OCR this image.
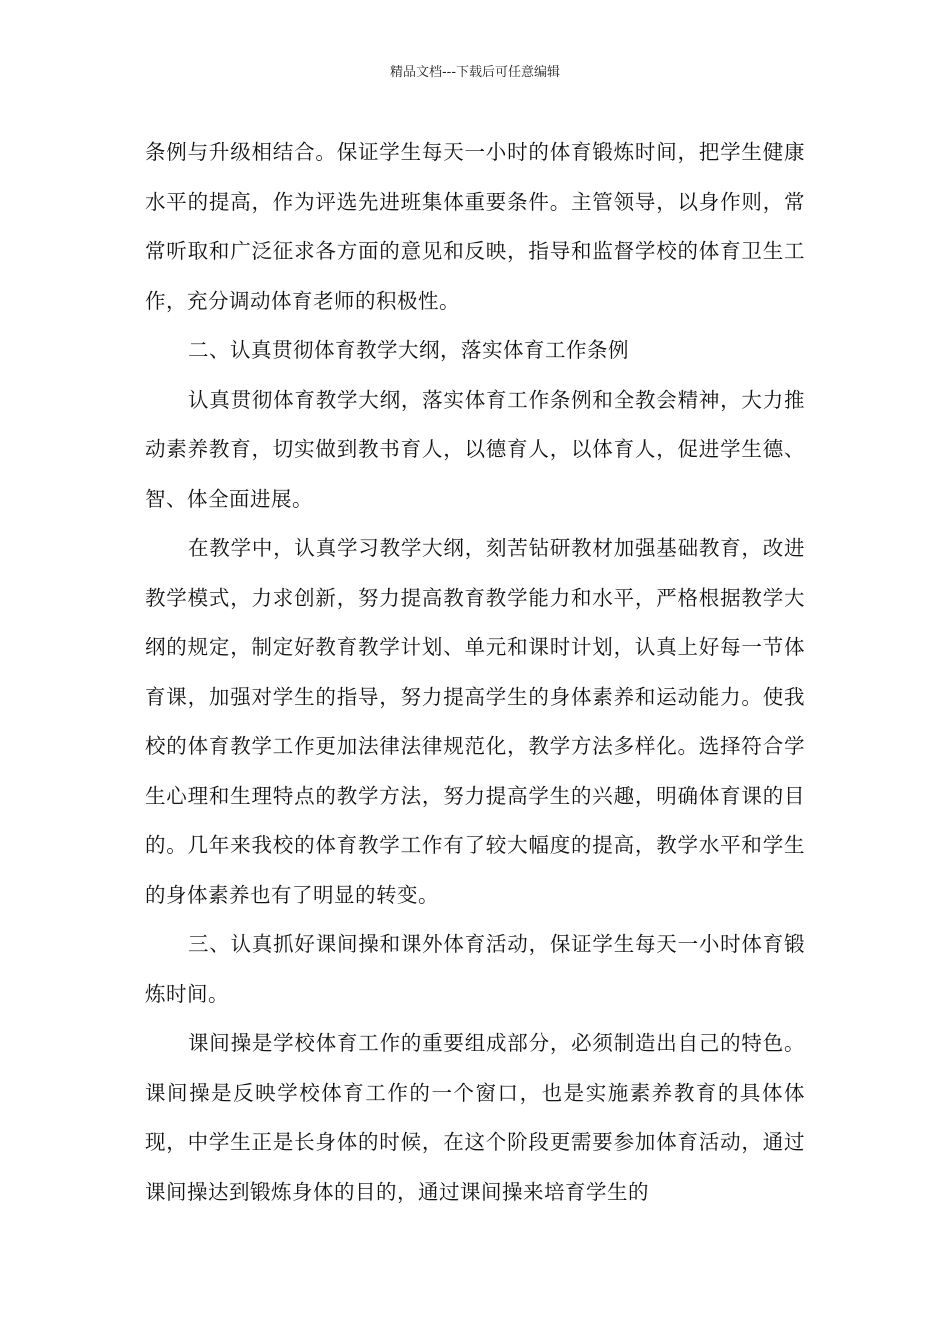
精品文档---下载后可任意编辑

条例与升级相结合。保证学生每天一小时的体育锻炼时间，把学生健康水平的提高，作为评选先进班集体重要条件。主管领导，以身作则，常常听取和广泛征求各方面的意见和反映，指导和监督学校的体育卫生工作，充分调动体育老师的积极性。

二、认真贯彻体育教学大纲，落实体育工作条例

认真贯彻体育教学大纲，落实体育工作条例和全教会精神，大力推动素养教育，切实做到教书育人，以德育人，以体育人，促进学生德、智、体全面进展。

在教学中，认真学习教学大纲，刻苦钻研教材加强基础教育，改进教学模式，力求创新，努力提高教育教学能力和水平，严格根据教学大纲的规定，制定好教育教学计划、单元和课时计划，认真上好每一节体育课，加强对学生的指导，努力提高学生的身体素养和运动能力。使我校的体育教学工作更加法律法律规范化，教学方法多样化。选择符合学生心理和生理特点的教学方法，努力提高学生的兴趣，明确体育课的目的。几年来我校的体育教学工作有了较大幅度的提高，教学水平和学生的身体素养也有了明显的转变。

三、认真抓好课间操和课外体育活动，保证学生每天一小时体育锻炼时间。

课间操是学校体育工作的重要组成部分，必须制造出自己的特色。课间操是反映学校体育工作的一个窗口，也是实施素养教育的具体体现，中学生正是长身体的时候，在这个阶段更需要参加体育活动，通过课间操达到锻炼身体的目的，通过课间操来培育学生的
